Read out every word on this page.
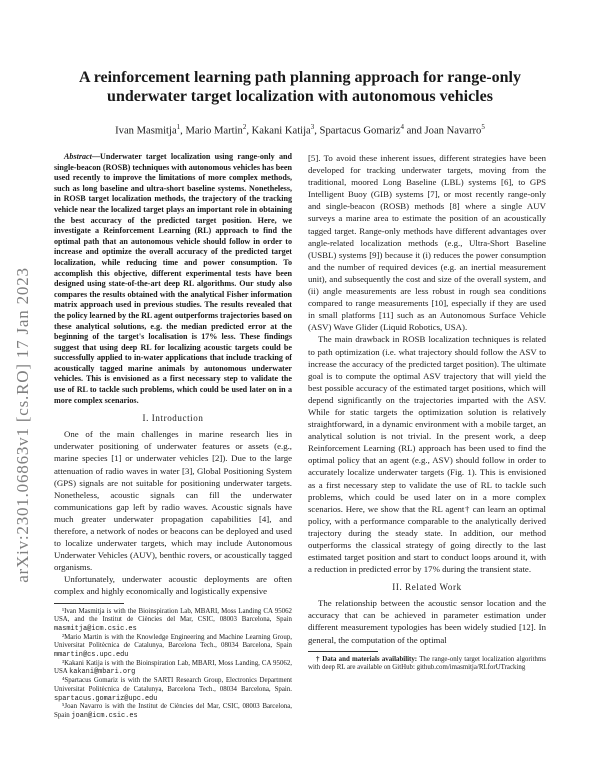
arXiv:2301.06863v1 [cs.RO] 17 Jan 2023
A reinforcement learning path planning approach for range-only underwater target localization with autonomous vehicles
Ivan Masmitja$^1$, Mario Martin$^2$, Kakani Katija$^3$, Spartacus Gomariz$^4$ and Joan Navarro$^5$

Abstract—Underwater target localization using range-only and single-beacon (ROSB) techniques with autonomous vehicles has been used recently to improve the limitations of more complex methods, such as long baseline and ultra-short baseline systems. Nonetheless, in ROSB target localization methods, the trajectory of the tracking vehicle near the localized target plays an important role in obtaining the best accuracy of the predicted target position. Here, we investigate a Reinforcement Learning (RL) approach to find the optimal path that an autonomous vehicle should follow in order to increase and optimize the overall accuracy of the predicted target localization, while reducing time and power consumption. To accomplish this objective, different experimental tests have been designed using state-of-the-art deep RL algorithms. Our study also compares the results obtained with the analytical Fisher information matrix approach used in previous studies. The results revealed that the policy learned by the RL agent outperforms trajectories based on these analytical solutions, e.g. the median predicted error at the beginning of the target's localisation is 17% less. These findings suggest that using deep RL for localizing acoustic targets could be successfully applied to in-water applications that include tracking of acoustically tagged marine animals by autonomous underwater vehicles. This is envisioned as a first necessary step to validate the use of RL to tackle such problems, which could be used later on in a more complex scenarios.

I. Introduction

One of the main challenges in marine research lies in underwater positioning of underwater features or assets (e.g., marine species [1] or underwater vehicles [2]). Due to the large attenuation of radio waves in water [3], Global Positioning System (GPS) signals are not suitable for positioning underwater targets. Nonetheless, acoustic signals can fill the underwater communications gap left by radio waves. Acoustic signals have much greater underwater propagation capabilities [4], and therefore, a network of nodes or beacons can be deployed and used to localize underwater targets, which may include Autonomous Underwater Vehicles (AUV), benthic rovers, or acoustically tagged organisms.

Unfortunately, underwater acoustic deployments are often complex and highly economically and logistically expensive

¹Ivan Masmitja is with the Bioinspiration Lab, MBARI, Moss Landing CA 95062 USA, and the Institut de Ciències del Mar, CSIC, 08003 Barcelona, Spain masmitja@icm.csic.es

²Mario Martin is with the Knowledge Engineering and Machine Learning Group, Universitat Politècnica de Catalunya, Barcelona Tech., 08034 Barcelona, Spain mmartin@cs.upc.edu

³Kakani Katija is with the Bioinspiration Lab, MBARI, Moss Landing, CA 95062, USA kakani@mbari.org

⁴Spartacus Gomariz is with the SARTI Research Group, Electronics Department Universitat Politècnica de Catalunya, Barcelona Tech., 08034 Barcelona, Spain. spartacus.gomariz@upc.edu

⁵Joan Navarro is with the Institut de Ciències del Mar, CSIC, 08003 Barcelona, Spain joan@icm.csic.es

[5]. To avoid these inherent issues, different strategies have been developed for tracking underwater targets, moving from the traditional, moored Long Baseline (LBL) systems [6], to GPS Intelligent Buoy (GIB) systems [7], or most recently range-only and single-beacon (ROSB) methods [8] where a single AUV surveys a marine area to estimate the position of an acoustically tagged target. Range-only methods have different advantages over angle-related localization methods (e.g., Ultra-Short Baseline (USBL) systems [9]) because it (i) reduces the power consumption and the number of required devices (e.g. an inertial measurement unit), and subsequently the cost and size of the overall system, and (ii) angle measurements are less robust in rough sea conditions compared to range measurements [10], especially if they are used in small platforms [11] such as an Autonomous Surface Vehicle (ASV) Wave Glider (Liquid Robotics, USA).

The main drawback in ROSB localization techniques is related to path optimization (i.e. what trajectory should follow the ASV to increase the accuracy of the predicted target position). The ultimate goal is to compute the optimal ASV trajectory that will yield the best possible accuracy of the estimated target positions, which will depend significantly on the trajectories imparted with the ASV. While for static targets the optimization solution is relatively straightforward, in a dynamic environment with a mobile target, an analytical solution is not trivial. In the present work, a deep Reinforcement Learning (RL) approach has been used to find the optimal policy that an agent (e.g., ASV) should follow in order to accurately localize underwater targets (Fig. 1). This is envisioned as a first necessary step to validate the use of RL to tackle such problems, which could be used later on in a more complex scenarios. Here, we show that the RL agent† can learn an optimal policy, with a performance comparable to the analytically derived trajectory during the steady state. In addition, our method outperforms the classical strategy of going directly to the last estimated target position and start to conduct loops around it, with a reduction in predicted error by 17% during the transient state.

II. Related Work

The relationship between the acoustic sensor location and the accuracy that can be achieved in parameter estimation under different measurement typologies has been widely studied [12]. In general, the computation of the optimal

† Data and materials availability: The range-only target localization algorithms with deep RL are available on GitHub: github.com/imasmitja/RLforUTracking
